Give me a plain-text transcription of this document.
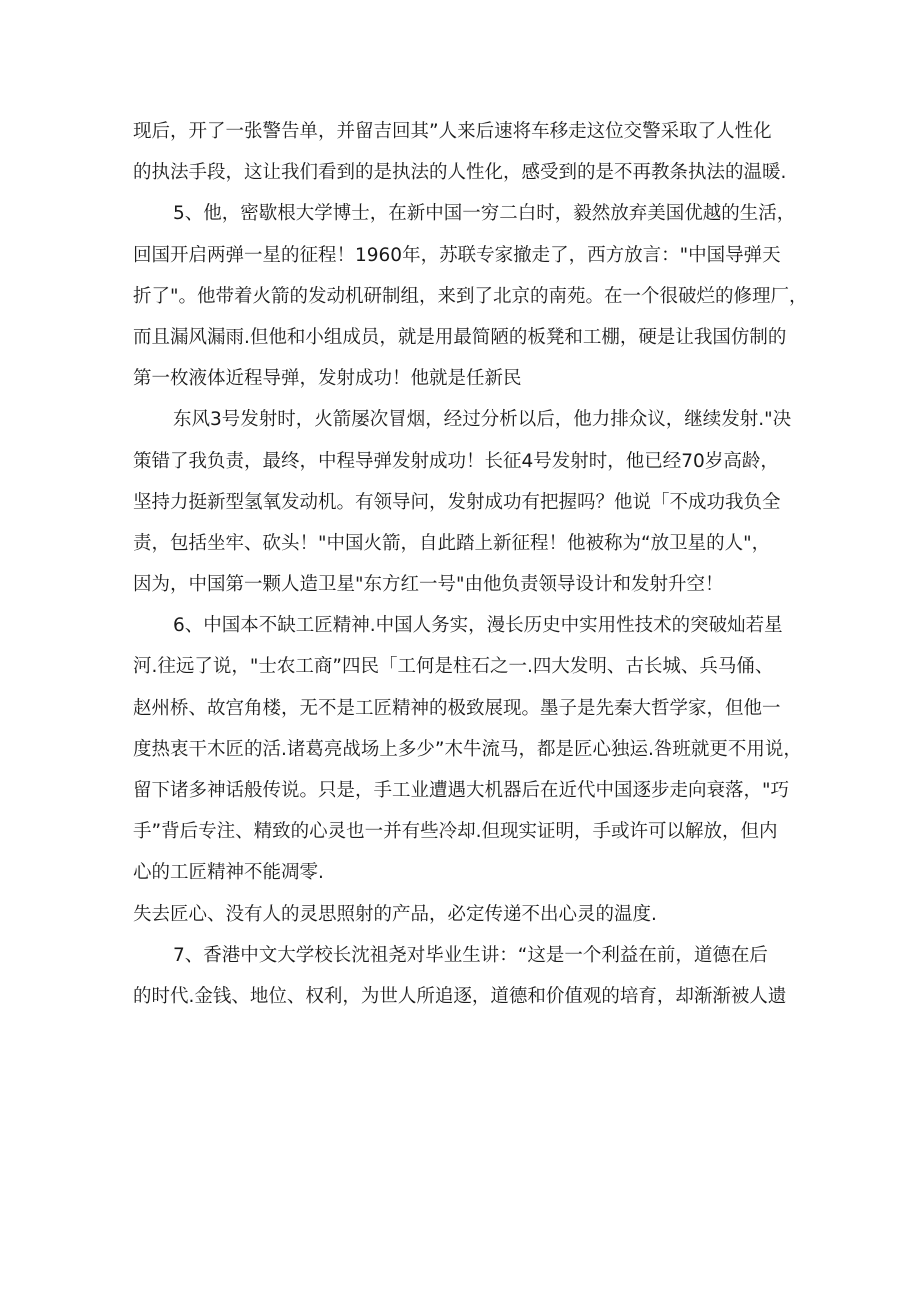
现后，开了一张警告单，并留吉回其”人来后速将车移走这位交警采取了人性化
的执法手段，这让我们看到的是执法的人性化，感受到的是不再教条执法的温暖.
5、他，密歇根大学博士，在新中国一穷二白时，毅然放弃美国优越的生活，
回国开启两弹一星的征程！1960年，苏联专家撤走了，西方放言："中国导弹天
折了"。他带着火箭的发动机研制组，来到了北京的南苑。在一个很破烂的修理厂，
而且漏风漏雨.但他和小组成员，就是用最简陋的板凳和工棚，硬是让我国仿制的
第一枚液体近程导弹，发射成功！他就是任新民
东风3号发射时，火箭屡次冒烟，经过分析以后，他力排众议，继续发射."决
策错了我负责，最终，中程导弹发射成功！长征4号发射时，他已经70岁高龄，
坚持力挺新型氢氧发动机。有领导问，发射成功有把握吗？他说「不成功我负全
责，包括坐牢、砍头！"中国火箭，自此踏上新征程！他被称为“放卫星的人"，
因为，中国第一颗人造卫星"东方红一号"由他负责领导设计和发射升空！
6、中国本不缺工匠精神.中国人务实，漫长历史中实用性技术的突破灿若星
河.往远了说，"士农工商”四民「工何是柱石之一.四大发明、古长城、兵马俑、
赵州桥、故宫角楼，无不是工匠精神的极致展现。墨子是先秦大哲学家，但他一
度热衷干木匠的活.诸葛亮战场上多少”木牛流马，都是匠心独运.咎班就更不用说，
留下诸多神话般传说。只是，手工业遭遇大机器后在近代中国逐步走向衰落，"巧
手”背后专注、精致的心灵也一并有些冷却.但现实证明，手或许可以解放，但内
心的工匠精神不能凋零.
失去匠心、没有人的灵思照射的产品，必定传递不出心灵的温度.
7、香港中文大学校长沈祖尧对毕业生讲：“这是一个利益在前，道德在后
的时代.金钱、地位、权利，为世人所追逐，道德和价值观的培育，却渐渐被人遗
